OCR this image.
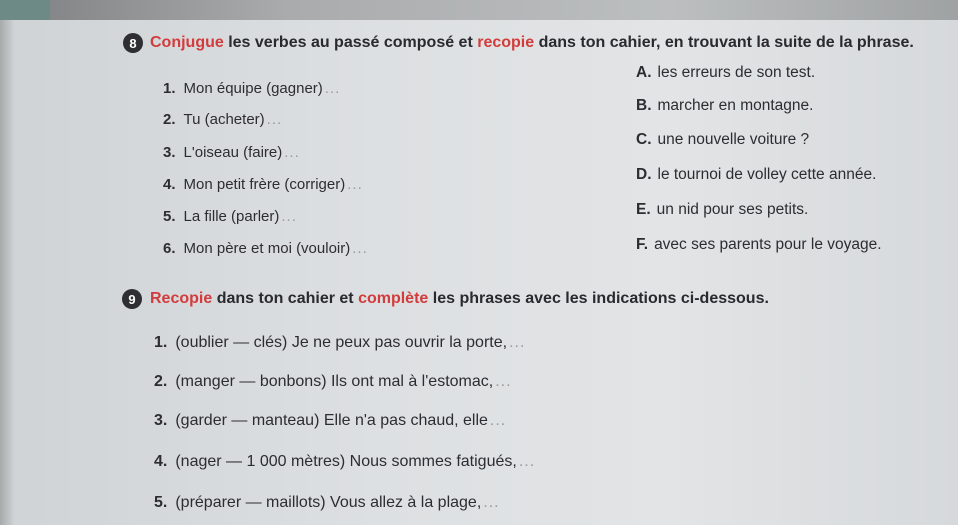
8 Conjugue les verbes au passé composé et recopie dans ton cahier, en trouvant la suite de la phrase.
1. Mon équipe (gagner) ...
2. Tu (acheter) ...
3. L'oiseau (faire) ...
4. Mon petit frère (corriger) ...
5. La fille (parler) ...
6. Mon père et moi (vouloir) ...
A. les erreurs de son test.
B. marcher en montagne.
C. une nouvelle voiture ?
D. le tournoi de volley cette année.
E. un nid pour ses petits.
F. avec ses parents pour le voyage.
9 Recopie dans ton cahier et complète les phrases avec les indications ci-dessous.
1. (oublier — clés) Je ne peux pas ouvrir la porte, ...
2. (manger — bonbons) Ils ont mal à l'estomac, ...
3. (garder — manteau) Elle n'a pas chaud, elle ...
4. (nager — 1 000 mètres) Nous sommes fatigués, ...
5. (préparer — maillots) Vous allez à la plage, ...
